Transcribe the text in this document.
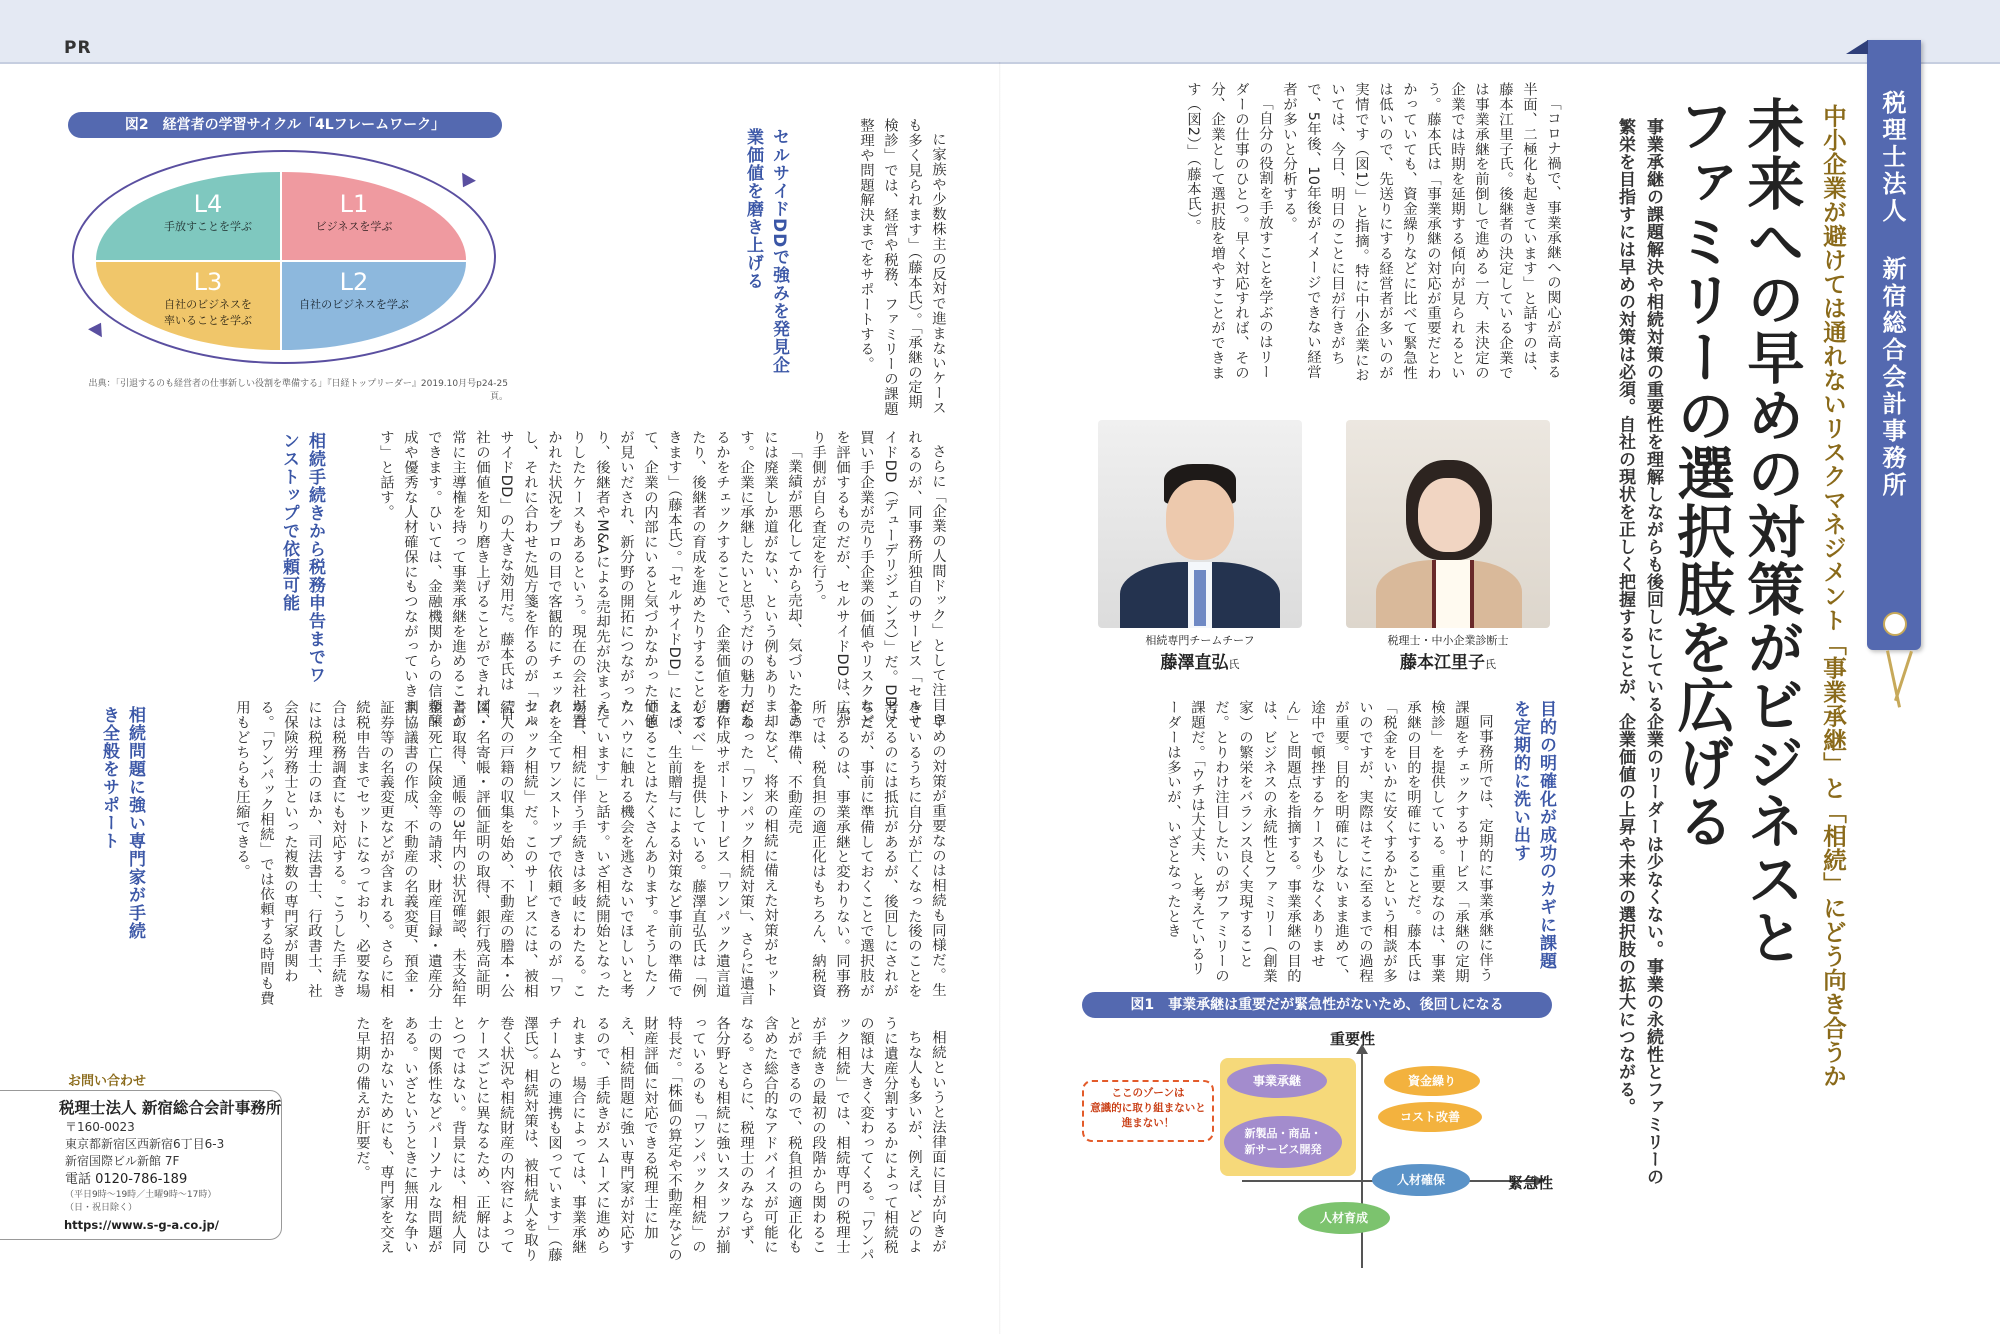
PR
税理士法人 新宿総合会計事務所
中小企業が避けては通れないリスクマネジメント「事業承継」と「相続」にどう向き合うか
未来への早めの対策がビジネスと
ファミリーの選択肢を広げる
事業承継の課題解決や相続対策の重要性を理解しながらも後回しにしている企業のリーダーは少なくない。事業の永続性とファミリーの
繁栄を目指すには早めの対策は必須。自社の現状を正しく把握することが、企業価値の上昇や未来の選択肢の拡大につながる。
税理士・中小企業診断士
藤本江里子氏
相続専門チームチーフ
藤澤直弘氏

「コロナ禍で、事業承継への関心が高まる半面、二極化も起きています」と話すのは、藤本江里子氏。後継者の決定している企業では事業承継を前倒しで進める一方、未決定の企業では時期を延期する傾向が見られるという。藤本氏は「事業承継の対応が重要だとわかっていても、資金繰りなどに比べて緊急性は低いので、先送りにする経営者が多いのが実情です（図1）」と指摘。特に中小企業においては、今日、明日のことに目が行きがちで、5年後、10年後がイメージできない経営者が多いと分析する。

「自分の役割を手放すことを学ぶのはリーダーの仕事のひとつ。早く対応すれば、その分、企業として選択肢を増やすことができます（図2）」（藤本氏）。

目的の明確化が成功のカギに課題を定期的に洗い出す

同事務所では、定期的に事業承継に伴う課題をチェックするサービス「承継の定期検診」を提供している。重要なのは、事業承継の目的を明確にすることだ。藤本氏は「税金をいかに安くするかという相談が多いのですが、実際はそこに至るまでの過程が重要。目的を明確にしないまま進めて、途中で頓挫するケースも少なくありません」と問題点を指摘する。事業承継の目的は、ビジネスの永続性とファミリー（創業家）の繁栄をバランス良く実現することだ。とりわけ注目したいのがファミリーの課題だ。「ウチは大丈夫、と考えているリーダーは多いが、いざとなったとき

図1　事業承継は重要だが緊急性がないため、後回しになる
重要性
ここのゾーンは
意識的に取り組まないと
進まない！
事業承継
新製品・商品・
新サービス開発
資金繰り
コスト改善
人材確保
人材育成
緊急性

に家族や少数株主の反対で進まないケースも多く見られます」（藤本氏）。「承継の定期検診」では、経営や税務、ファミリーの課題整理や問題解決までをサポートする。

セルサイドDDで強みを発見企業価値を磨き上げる

さらに「企業の人間ドック」として注目されるのが、同事務所独自のサービス「セルサイドDD（デューデリジェンス）」だ。DDは買い手企業が売り手企業の価値やリスクなどを評価するものだが、セルサイドDDは、売り手側が自ら査定を行う。

「業績が悪化してから売却、気づいたときには廃業しか道がない、という例もあります。企業に承継したいと思うだけの魅力があるかをチェックすることで、企業価値を磨いたり、後継者の育成を進めたりすることができます」（藤本氏）。「セルサイドDD」によって、企業の内部にいると気づかなかった価値が見いだされ、新分野の開拓につながったり、後継者やM&Aによる売却先が決まったりしたケースもあるという。現在の会社が置かれた状況をプロの目で客観的にチェックし、それに合わせた処方箋を作るのが「セルサイドDD」の大きな効用だ。藤本氏は「自社の価値を知り磨き上げることができれば、常に主導権を持って事業承継を進めることができます。ひいては、金融機関からの信頼醸成や優秀な人材確保にもつながっていきます」と話す。

早めの対策が重要なのは相続も同様だ。生きているうちに自分が亡くなった後のことを考えるのには抵抗があるが、後回しにされがちだが、事前に準備しておくことで選択肢が広がるのは、事業承継と変わりない。同事務所では、税負担の適正化はもちろん、納税資金の準備、不動産売

却など、将来の相続に備えた対策がセットになった「ワンパック相続対策」、さらに遺言書作成サポートサービス「ワンパック遺言道しるべ」を提供している。藤澤直弘氏は「例えば、生前贈与による対策など事前の準備でできることはたくさんあります。そうしたノウハウに触れる機会を逃さないでほしいと考えています」と話す。いざ相続開始となった場合、相続に伴う手続きは多岐にわたる。これを全てワンストップで依頼できるのが「ワンパック相続」だ。このサービスには、被相続人の戸籍の収集を始め、不動産の謄本・公図・名寄帳・評価証明の取得、銀行残高証明書の取得、通帳の3年内の状況確認、未支給年金・死亡保険金等の請求、財産目録・遺産分割協議書の作成、不動産の名義変更、預金・証券等の名義変更などが含まれる。さらに相続税申告までセットになっており、必要な場合は税務調査にも対応する。こうした手続きには税理士のほか、司法書士、行政書士、社会保険労務士といった複数の専門家が関わる。「ワンパック相続」では依頼する時間も費用もどちらも圧縮できる。

相続というと法律面に目が向きが

ちな人も多いが、例えば、どのように遺産分割するかによって相続税の額は大きく変わってくる。「ワンパック相続」では、相続専門の税理士が手続きの最初の段階から関わることができるので、税負担の適正化も含めた総合的なアドバイスが可能になる。さらに、税理士のみならず、各分野とも相続に強いスタッフが揃っているのも「ワンパック相続」の特長だ。「株価の算定や不動産などの財産評価に対応できる税理士に加え、相続問題に強い専門家が対応するので、手続きがスムーズに進められます。場合によっては、事業承継チームとの連携も図っています」（藤澤氏）。相続対策は、被相続人を取り巻く状況や相続財産の内容によってケースごとに異なるため、正解はひとつではない。背景には、相続人同士の関係性などパーソナルな問題がある。いざというときに無用な争いを招かないためにも、専門家を交えた早期の備えが肝要だ。

相続手続きから税務申告までワンストップで依頼可能
相続問題に強い専門家が手続き全般をサポート
図2　経営者の学習サイクル「4Lフレームワーク」
L4
手放すことを学ぶ
L1
ビジネスを学ぶ
L3
自社のビジネスを
率いることを学ぶ
L2
自社のビジネスを学ぶ
出典：「引退するのも経営者の仕事新しい役割を準備する」『日経トップリーダー』2019.10月号p24-25頁。
お問い合わせ
税理士法人 新宿総合会計事務所
〒160-0023
東京都新宿区西新宿6丁目6-3
新宿国際ビル新館 7F
電話 0120-786-189
（平日9時～19時／土曜9時～17時）
（日・祝日除く）
https://www.s-g-a.co.jp/
